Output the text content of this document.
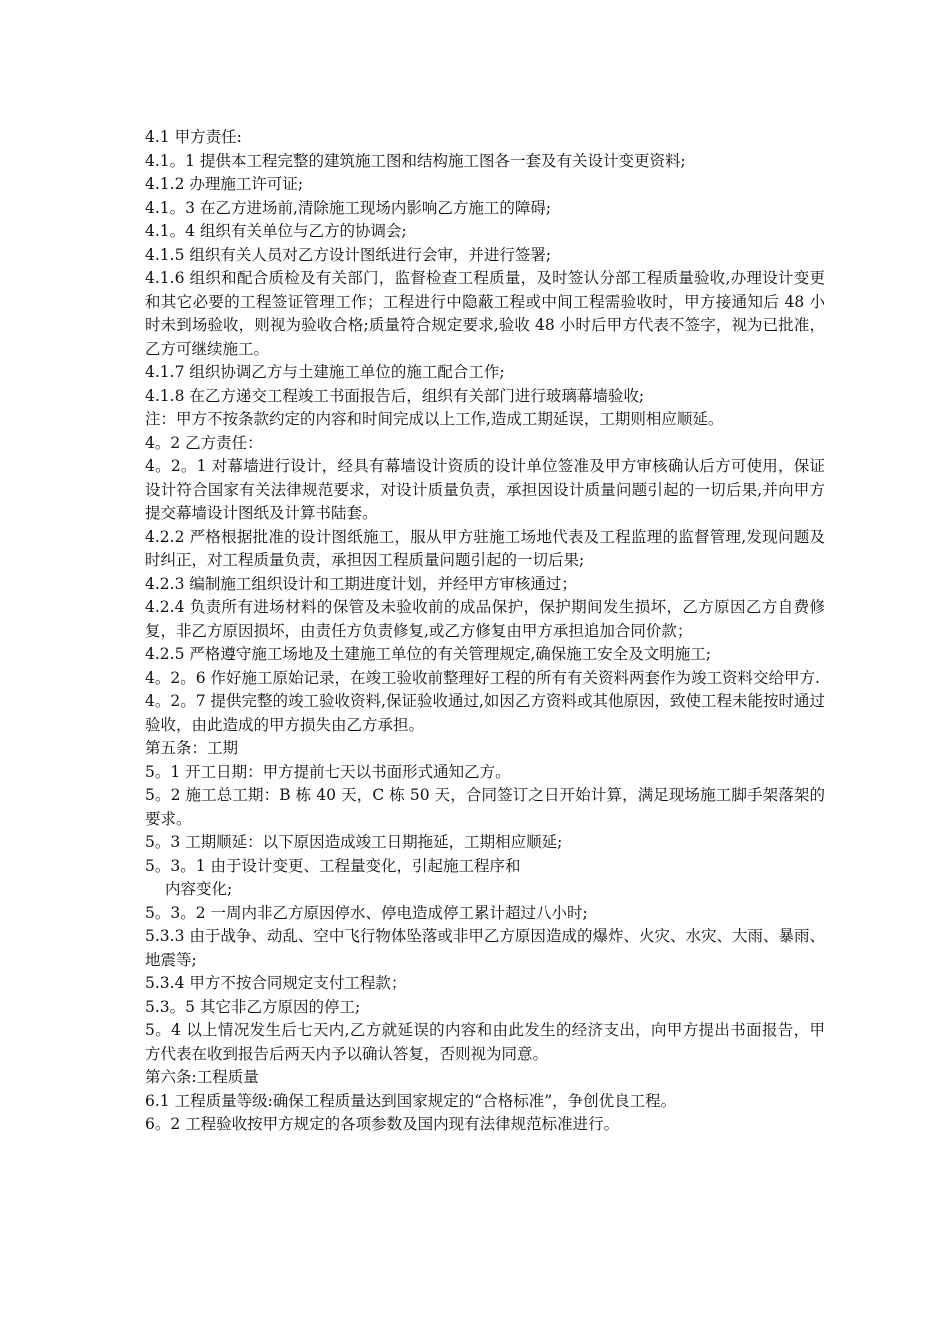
4.1 甲方责任:

4.1。1 提供本工程完整的建筑施工图和结构施工图各一套及有关设计变更资料;

4.1.2 办理施工许可证;

4.1。3 在乙方进场前,清除施工现场内影响乙方施工的障碍;

4.1。4 组织有关单位与乙方的协调会;

4.1.5 组织有关人员对乙方设计图纸进行会审，并进行签署;

4.1.6 组织和配合质检及有关部门，监督检查工程质量，及时签认分部工程质量验收,办理设计变更和其它必要的工程签证管理工作；工程进行中隐蔽工程或中间工程需验收时，甲方接通知后 48 小时未到场验收，则视为验收合格;质量符合规定要求,验收 48 小时后甲方代表不签字，视为已批准，乙方可继续施工。

4.1.7 组织协调乙方与土建施工单位的施工配合工作;

4.1.8 在乙方递交工程竣工书面报告后，组织有关部门进行玻璃幕墙验收;

注：甲方不按条款约定的内容和时间完成以上工作,造成工期延误，工期则相应顺延。

4。2 乙方责任：

4。2。1 对幕墙进行设计，经具有幕墙设计资质的设计单位签准及甲方审核确认后方可使用，保证设计符合国家有关法律规范要求，对设计质量负责，承担因设计质量问题引起的一切后果,并向甲方提交幕墙设计图纸及计算书陆套。

4.2.2 严格根据批准的设计图纸施工，服从甲方驻施工场地代表及工程监理的监督管理,发现问题及时纠正，对工程质量负责，承担因工程质量问题引起的一切后果;

4.2.3 编制施工组织设计和工期进度计划，并经甲方审核通过；

4.2.4 负责所有进场材料的保管及未验收前的成品保护，保护期间发生损坏，乙方原因乙方自费修复，非乙方原因损坏，由责任方负责修复,或乙方修复由甲方承担追加合同价款；

4.2.5 严格遵守施工场地及土建施工单位的有关管理规定,确保施工安全及文明施工;

4。2。6 作好施工原始记录，在竣工验收前整理好工程的所有有关资料两套作为竣工资料交给甲方.

4。2。7 提供完整的竣工验收资料,保证验收通过,如因乙方资料或其他原因，致使工程未能按时通过验收，由此造成的甲方损失由乙方承担。

第五条：工期

5。1 开工日期：甲方提前七天以书面形式通知乙方。

5。2 施工总工期：B 栋 40 天，C 栋 50 天，合同签订之日开始计算，满足现场施工脚手架落架的要求。

5。3 工期顺延：以下原因造成竣工日期拖延，工期相应顺延;

5。3。1 由于设计变更、工程量变化，引起施工程序和

内容变化;

5。3。2 一周内非乙方原因停水、停电造成停工累计超过八小时;

5.3.3 由于战争、动乱、空中飞行物体坠落或非甲乙方原因造成的爆炸、火灾、水灾、大雨、暴雨、地震等;

5.3.4 甲方不按合同规定支付工程款；

5.3。5 其它非乙方原因的停工;

5。4 以上情况发生后七天内,乙方就延误的内容和由此发生的经济支出，向甲方提出书面报告，甲方代表在收到报告后两天内予以确认答复，否则视为同意。

第六条:工程质量

6.1 工程质量等级:确保工程质量达到国家规定的“合格标准”，争创优良工程。

6。2 工程验收按甲方规定的各项参数及国内现有法律规范标准进行。
